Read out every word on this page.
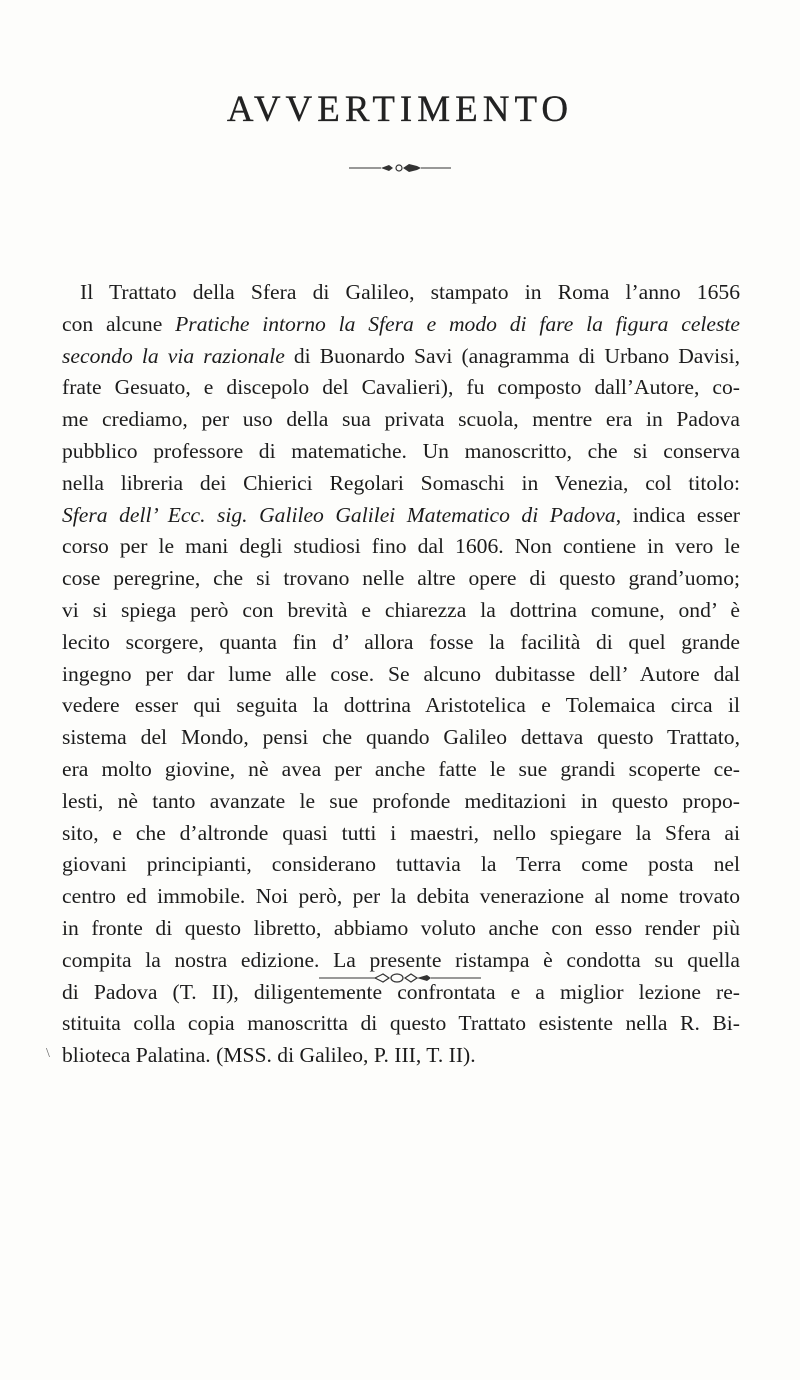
AVVERTIMENTO
Il Trattato della Sfera di Galileo, stampato in Roma l’anno 1656
con alcune Pratiche intorno la Sfera e modo di fare la figura celeste
secondo la via razionale di Buonardo Savi (anagramma di Urbano Davisi,
frate Gesuato, e discepolo del Cavalieri), fu composto dall’Autore, co-
me crediamo, per uso della sua privata scuola, mentre era in Padova
pubblico professore di matematiche. Un manoscritto, che si conserva
nella libreria dei Chierici Regolari Somaschi in Venezia, col titolo:
Sfera dell’ Ecc. sig. Galileo Galilei Matematico di Padova, indica esser
corso per le mani degli studiosi fino dal 1606. Non contiene in vero le
cose peregrine, che si trovano nelle altre opere di questo grand’uomo;
vi si spiega però con brevità e chiarezza la dottrina comune, ond’ è
lecito scorgere, quanta fin d’ allora fosse la facilità di quel grande
ingegno per dar lume alle cose. Se alcuno dubitasse dell’ Autore dal
vedere esser qui seguita la dottrina Aristotelica e Tolemaica circa il
sistema del Mondo, pensi che quando Galileo dettava questo Trattato,
era molto giovine, nè avea per anche fatte le sue grandi scoperte ce-
lesti, nè tanto avanzate le sue profonde meditazioni in questo propo-
sito, e che d’altronde quasi tutti i maestri, nello spiegare la Sfera ai
giovani principianti, considerano tuttavia la Terra come posta nel
centro ed immobile. Noi però, per la debita venerazione al nome trovato
in fronte di questo libretto, abbiamo voluto anche con esso render più
compita la nostra edizione. La presente ristampa è condotta su quella
di Padova (T. II), diligentemente confrontata e a miglior lezione re-
stituita colla copia manoscritta di questo Trattato esistente nella R. Bi-
blioteca Palatina. (MSS. di Galileo, P. III, T. II).
\
